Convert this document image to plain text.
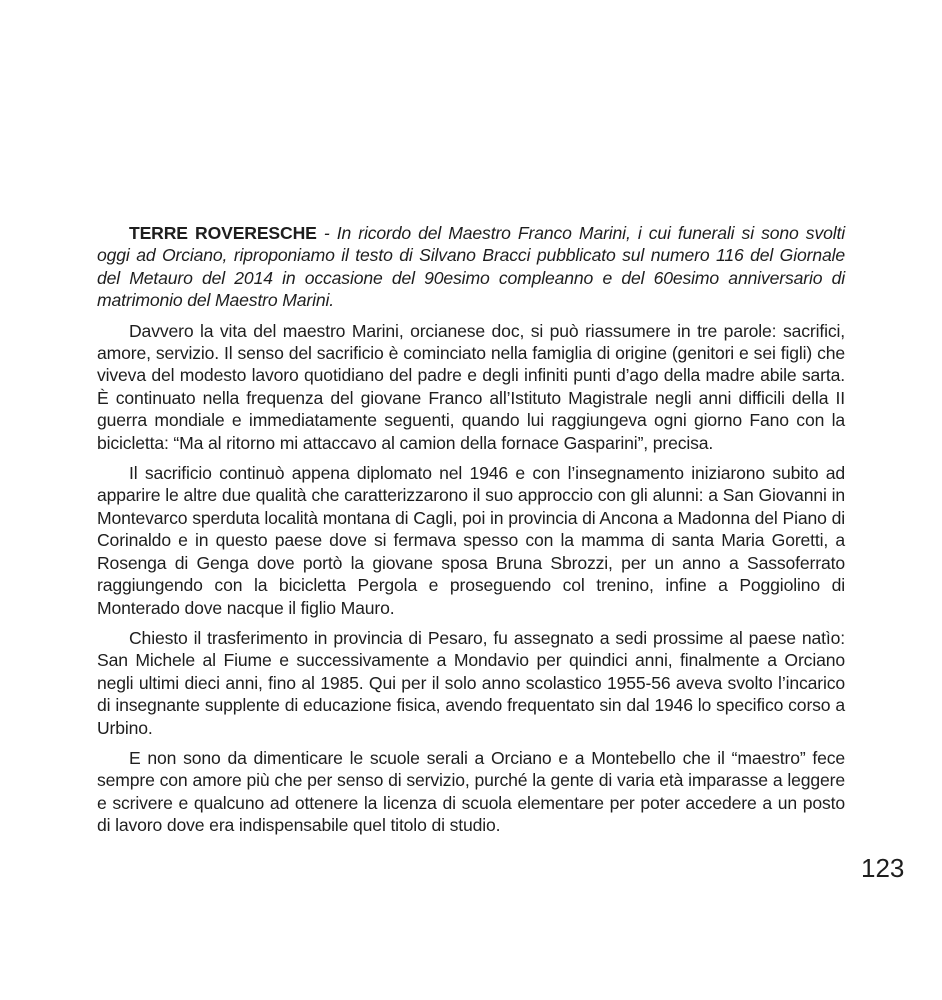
TERRE ROVERESCHE - In ricordo del Maestro Franco Marini, i cui funerali si sono svolti oggi ad Orciano, riproponiamo il testo di Silvano Bracci pubblicato sul numero 116 del Giornale del Metauro del 2014 in occasione del 90esimo compleanno e del 60esimo anniversario di matrimonio del Maestro Marini.

Davvero la vita del maestro Marini, orcianese doc, si può riassumere in tre parole: sacrifici, amore, servizio. Il senso del sacrificio è cominciato nella famiglia di origine (genitori e sei figli) che viveva del modesto lavoro quotidiano del padre e degli infiniti punti d’ago della madre abile sarta. È continuato nella frequenza del giovane Franco all’Istituto Magistrale negli anni difficili della II guerra mondiale e immediatamente seguenti, quando lui raggiungeva ogni giorno Fano con la bicicletta: “Ma al ritorno mi attaccavo al camion della fornace Gasparini”, precisa.

Il sacrificio continuò appena diplomato nel 1946 e con l’insegnamento iniziarono subito ad apparire le altre due qualità che caratterizzarono il suo approccio con gli alunni: a San Giovanni in Montevarco sperduta località montana di Cagli, poi in provincia di Ancona a Madonna del Piano di Corinaldo e in questo paese dove si fermava spesso con la mamma di santa Maria Goretti, a Rosenga di Genga dove portò la giovane sposa Bruna Sbrozzi, per un anno a Sassoferrato raggiungendo con la bicicletta Pergola e proseguendo col trenino, infine a Poggiolino di Monterado dove nacque il figlio Mauro.

Chiesto il trasferimento in provincia di Pesaro, fu assegnato a sedi prossime al paese natìo: San Michele al Fiume e successivamente a Mondavio per quindici anni, finalmente a Orciano negli ultimi dieci anni, fino al 1985. Qui per il solo anno scolastico 1955-56 aveva svolto l’incarico di insegnante supplente di educazione fisica, avendo frequentato sin dal 1946 lo specifico corso a Urbino.

E non sono da dimenticare le scuole serali a Orciano e a Montebello che il “maestro” fece sempre con amore più che per senso di servizio, purché la gente di varia età imparasse a leggere e scrivere e qualcuno ad ottenere la licenza di scuola elementare per poter accedere a un posto di lavoro dove era indispensabile quel titolo di studio.

123
